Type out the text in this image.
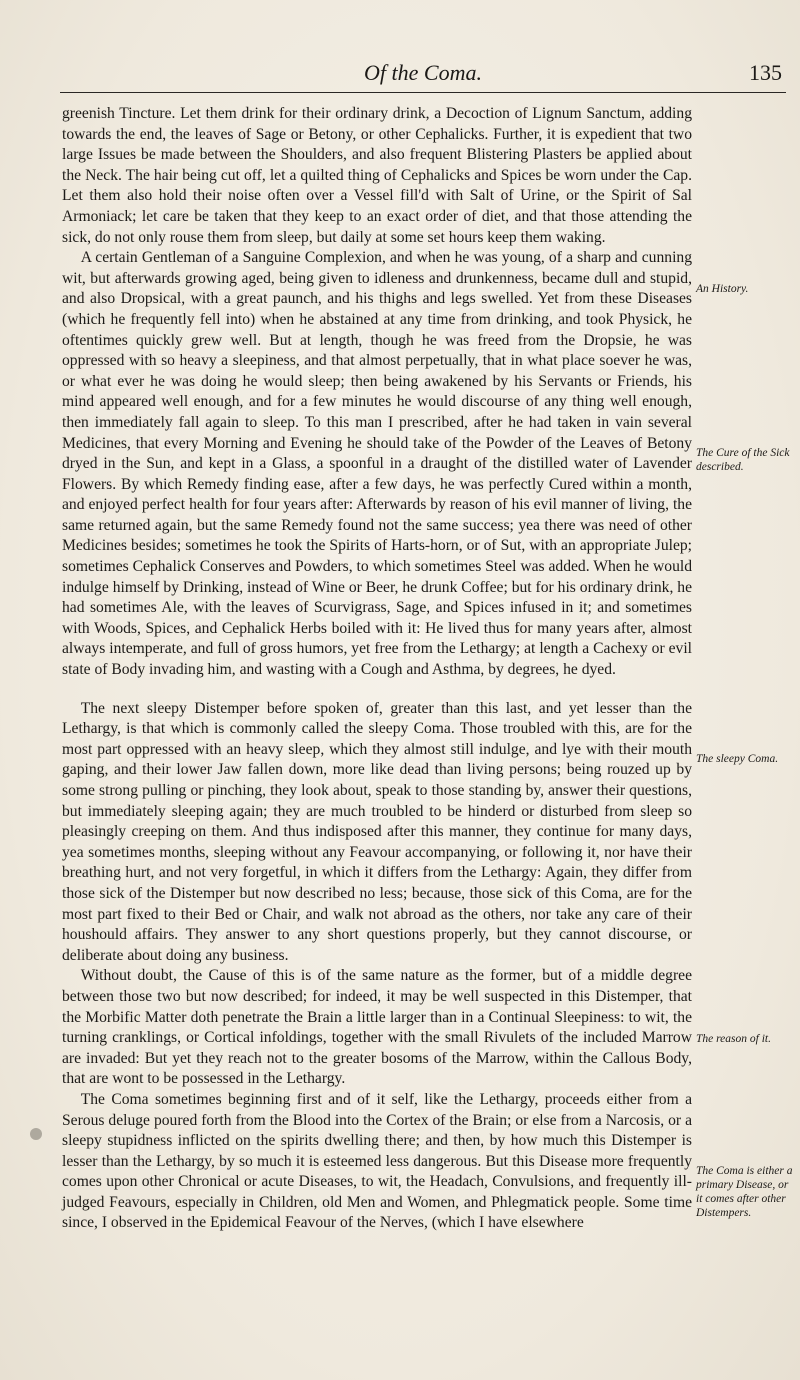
Of the Coma.	135

greenish Tincture. Let them drink for their ordinary drink, a Decoction of Lignum Sanctum, adding towards the end, the leaves of Sage or Betony, or other Cephalicks. Further, it is expedient that two large Issues be made between the Shoulders, and also frequent Blistering Plasters be applied about the Neck. The hair being cut off, let a quilted thing of Cephalicks and Spices be worn under the Cap. Let them also hold their noise often over a Vessel fill'd with Salt of Urine, or the Spirit of Sal Armoniack; let care be taken that they keep to an exact order of diet, and that those attending the sick, do not only rouse them from sleep, but daily at some set hours keep them waking.

A certain Gentleman of a Sanguine Complexion, and when he was young, of a sharp and cunning wit, but afterwards growing aged, being given to idleness and drunkenness, became dull and stupid, and also Dropsical, with a great paunch, and his thighs and legs swelled. Yet from these Diseases (which he frequently fell into) when he abstained at any time from drinking, and took Physick, he oftentimes quickly grew well. But at length, though he was freed from the Dropsie, he was oppressed with so heavy a sleepiness, and that almost perpetually, that in what place soever he was, or what ever he was doing he would sleep; then being awakened by his Servants or Friends, his mind appeared well enough, and for a few minutes he would discourse of any thing well enough, then immediately fall again to sleep. To this man I prescribed, after he had taken in vain several Medicines, that every Morning and Evening he should take of the Powder of the Leaves of Betony dryed in the Sun, and kept in a Glass, a spoonful in a draught of the distilled water of Lavender Flowers. By which Remedy finding ease, after a few days, he was perfectly Cured within a month, and enjoyed perfect health for four years after: Afterwards by reason of his evil manner of living, the same returned again, but the same Remedy found not the same success; yea there was need of other Medicines besides; sometimes he took the Spirits of Harts-horn, or of Sut, with an appropriate Julep; sometimes Cephalick Conserves and Powders, to which sometimes Steel was added. When he would indulge himself by Drinking, instead of Wine or Beer, he drunk Coffee; but for his ordinary drink, he had sometimes Ale, with the leaves of Scurvigrass, Sage, and Spices infused in it; and sometimes with Woods, Spices, and Cephalick Herbs boiled with it: He lived thus for many years after, almost always intemperate, and full of gross humors, yet free from the Lethargy; at length a Cachexy or evil state of Body invading him, and wasting with a Cough and Asthma, by degrees, he dyed.

The next sleepy Distemper before spoken of, greater than this last, and yet lesser than the Lethargy, is that which is commonly called the sleepy Coma. Those troubled with this, are for the most part oppressed with an heavy sleep, which they almost still indulge, and lye with their mouth gaping, and their lower Jaw fallen down, more like dead than living persons; being rouzed up by some strong pulling or pinching, they look about, speak to those standing by, answer their questions, but immediately sleeping again; they are much troubled to be hinderd or disturbed from sleep so pleasingly creeping on them. And thus indisposed after this manner, they continue for many days, yea sometimes months, sleeping without any Feavour accompanying, or following it, nor have their breathing hurt, and not very forgetful, in which it differs from the Lethargy: Again, they differ from those sick of the Distemper but now described no less; because, those sick of this Coma, are for the most part fixed to their Bed or Chair, and walk not abroad as the others, nor take any care of their houshould affairs. They answer to any short questions properly, but they cannot discourse, or deliberate about doing any business.

Without doubt, the Cause of this is of the same nature as the former, but of a middle degree between those two but now described; for indeed, it may be well suspected in this Distemper, that the Morbific Matter doth penetrate the Brain a little larger than in a Continual Sleepiness: to wit, the turning cranklings, or Cortical infoldings, together with the small Rivulets of the included Marrow are invaded: But yet they reach not to the greater bosoms of the Marrow, within the Callous Body, that are wont to be possessed in the Lethargy.

The Coma sometimes beginning first and of it self, like the Lethargy, proceeds either from a Serous deluge poured forth from the Blood into the Cortex of the Brain; or else from a Narcosis, or a sleepy stupidness inflicted on the spirits dwelling there; and then, by how much this Distemper is lesser than the Lethargy, by so much it is esteemed less dangerous. But this Disease more frequently comes upon other Chronical or acute Diseases, to wit, the Headach, Convulsions, and frequently ill-judged Feavours, especially in Children, old Men and Women, and Phlegmatick people. Some time since, I observed in the Epidemical Feavour of the Nerves, (which I have elsewhere

An History.
The Cure of the Sick described.
The sleepy Coma.
The reason of it.
The Coma is either a primary Disease, or it comes after other Distempers.
